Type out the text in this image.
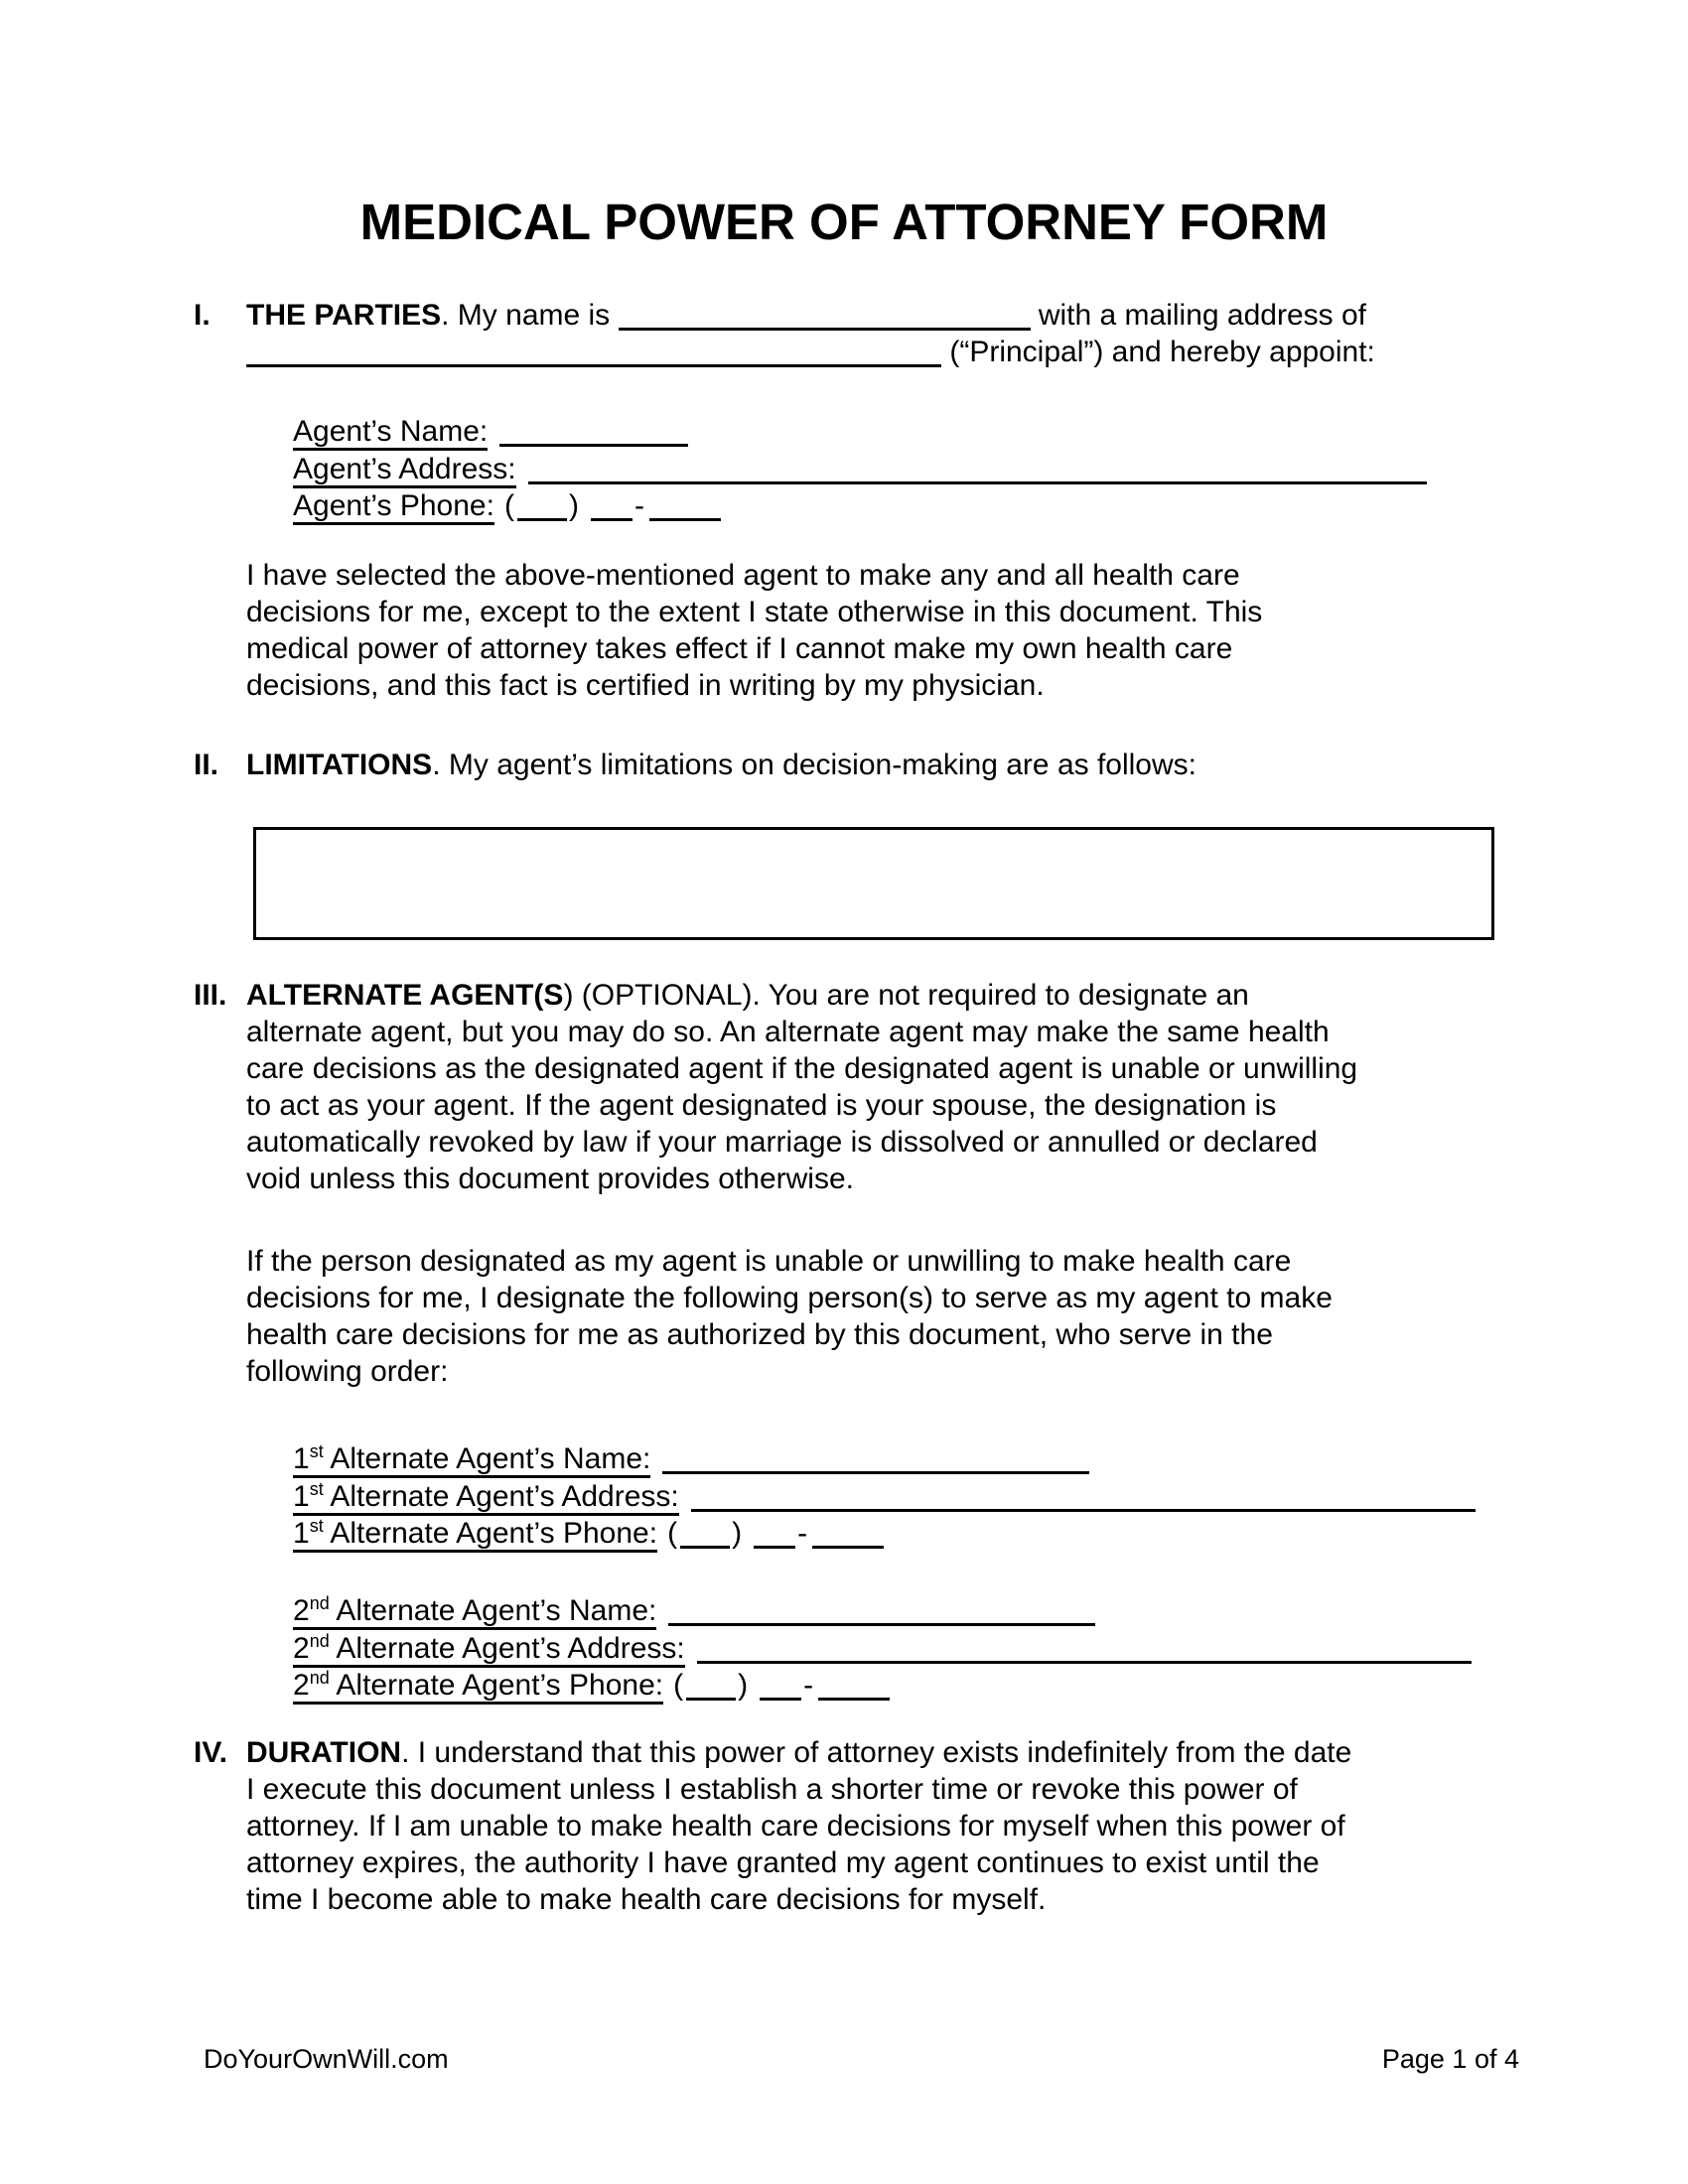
MEDICAL POWER OF ATTORNEY FORM
I. THE PARTIES. My name is	with a mailing address of
(“Principal”) and hereby appoint:
Agent’s Name:
Agent’s Address:
Agent’s Phone: ( ) -
I have selected the above-mentioned agent to make any and all health care
decisions for me, except to the extent I state otherwise in this document. This
medical power of attorney takes effect if I cannot make my own health care
decisions, and this fact is certified in writing by my physician.
II. LIMITATIONS. My agent’s limitations on decision-making are as follows:
III. ALTERNATE AGENT(S) (OPTIONAL). You are not required to designate an
alternate agent, but you may do so. An alternate agent may make the same health
care decisions as the designated agent if the designated agent is unable or unwilling
to act as your agent. If the agent designated is your spouse, the designation is
automatically revoked by law if your marriage is dissolved or annulled or declared
void unless this document provides otherwise.
If the person designated as my agent is unable or unwilling to make health care
decisions for me, I designate the following person(s) to serve as my agent to make
health care decisions for me as authorized by this document, who serve in the
following order:
1st Alternate Agent’s Name:
1st Alternate Agent’s Address:
1st Alternate Agent’s Phone: ( ) -
2nd Alternate Agent’s Name:
2nd Alternate Agent’s Address:
2nd Alternate Agent’s Phone: ( ) -
IV. DURATION. I understand that this power of attorney exists indefinitely from the date
I execute this document unless I establish a shorter time or revoke this power of
attorney. If I am unable to make health care decisions for myself when this power of
attorney expires, the authority I have granted my agent continues to exist until the
time I become able to make health care decisions for myself.
DoYourOwnWill.com	Page 1 of 4
